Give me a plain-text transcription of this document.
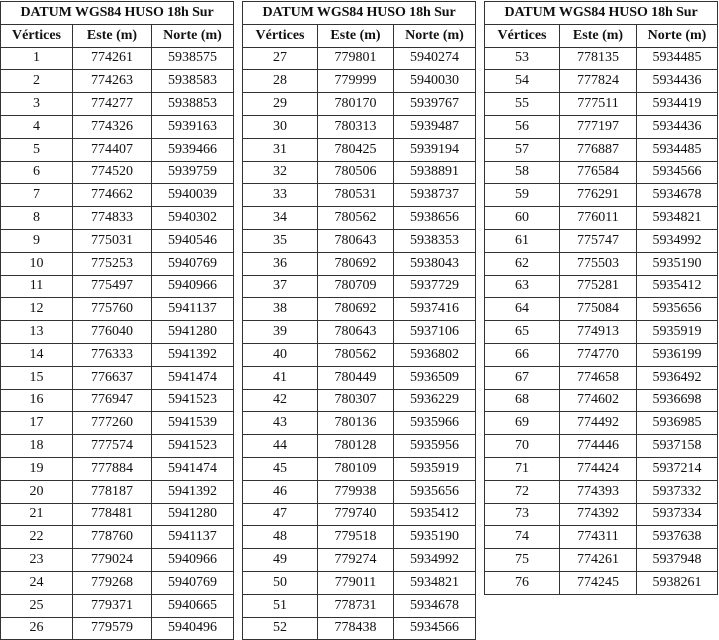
DATUM WGS84 HUSO 18h Sur		
Vértices	Este (m)	Norte (m)
1	774261	5938575
2	774263	5938583
3	774277	5938853
4	774326	5939163
5	774407	5939466
6	774520	5939759
7	774662	5940039
8	774833	5940302
9	775031	5940546
10	775253	5940769
11	775497	5940966
12	775760	5941137
13	776040	5941280
14	776333	5941392
15	776637	5941474
16	776947	5941523
17	777260	5941539
18	777574	5941523
19	777884	5941474
20	778187	5941392
21	778481	5941280
22	778760	5941137
23	779024	5940966
24	779268	5940769
25	779371	5940665
26	779579	5940496
DATUM WGS84 HUSO 18h Sur		
Vértices	Este (m)	Norte (m)
27	779801	5940274
28	779999	5940030
29	780170	5939767
30	780313	5939487
31	780425	5939194
32	780506	5938891
33	780531	5938737
34	780562	5938656
35	780643	5938353
36	780692	5938043
37	780709	5937729
38	780692	5937416
39	780643	5937106
40	780562	5936802
41	780449	5936509
42	780307	5936229
43	780136	5935966
44	780128	5935956
45	780109	5935919
46	779938	5935656
47	779740	5935412
48	779518	5935190
49	779274	5934992
50	779011	5934821
51	778731	5934678
52	778438	5934566
DATUM WGS84 HUSO 18h Sur		
Vértices	Este (m)	Norte (m)
53	778135	5934485
54	777824	5934436
55	777511	5934419
56	777197	5934436
57	776887	5934485
58	776584	5934566
59	776291	5934678
60	776011	5934821
61	775747	5934992
62	775503	5935190
63	775281	5935412
64	775084	5935656
65	774913	5935919
66	774770	5936199
67	774658	5936492
68	774602	5936698
69	774492	5936985
70	774446	5937158
71	774424	5937214
72	774393	5937332
73	774392	5937334
74	774311	5937638
75	774261	5937948
76	774245	5938261
